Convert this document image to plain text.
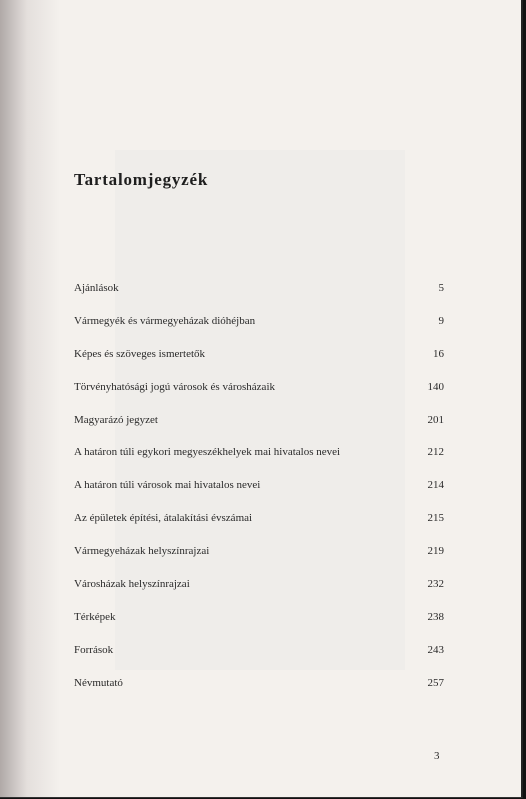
Tartalomjegyzék
Ajánlások	5
Vármegyék és vármegyeházak dióhéjban	9
Képes és szöveges ismertetők	16
Törvényhatósági jogú városok és városházaik	140
Magyarázó jegyzet	201
A határon túli egykori megyeszékhelyek mai hivatalos nevei	212
A határon túli városok mai hivatalos nevei	214
Az épületek építési, átalakítási évszámai	215
Vármegyeházak helyszínrajzai	219
Városházak helyszínrajzai	232
Térképek	238
Források	243
Névmutató	257
3
